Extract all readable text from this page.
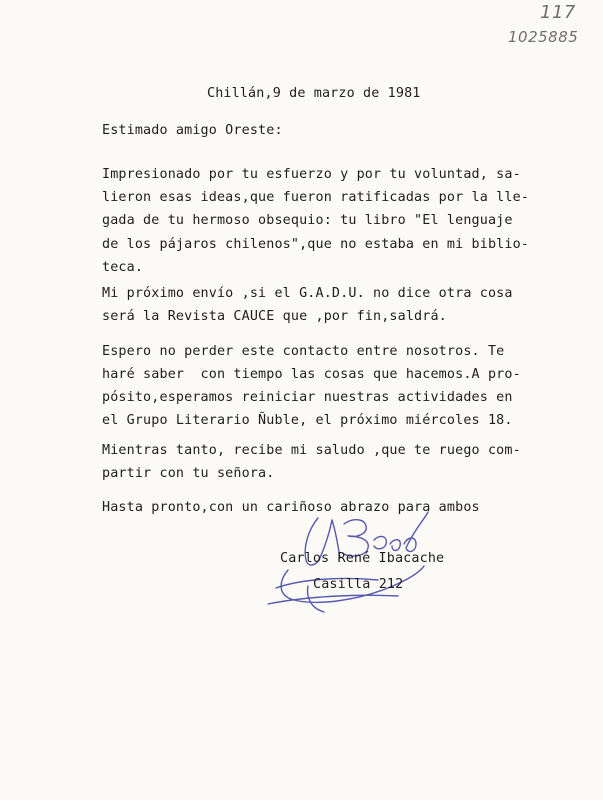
117
1025885
Chillán,9 de marzo de 1981
Estimado amigo Oreste:
Impresionado por tu esfuerzo y por tu voluntad, sa-
lieron esas ideas,que fueron ratificadas por la lle-
gada de tu hermoso obsequio: tu libro "El lenguaje
de los pájaros chilenos",que no estaba en mi biblio-
teca.
Mi próximo envío ,si el G.A.D.U. no dice otra cosa
será la Revista CAUCE que ,por fin,saldrá.
Espero no perder este contacto entre nosotros. Te
haré saber  con tiempo las cosas que hacemos.A pro-
pósito,esperamos reiniciar nuestras actividades en
el Grupo Literario Ñuble, el próximo miércoles 18.
Mientras tanto, recibe mi saludo ,que te ruego com-
partir con tu señora.
Hasta pronto,con un cariñoso abrazo para ambos
Carlos René Ibacache
Casilla 212
